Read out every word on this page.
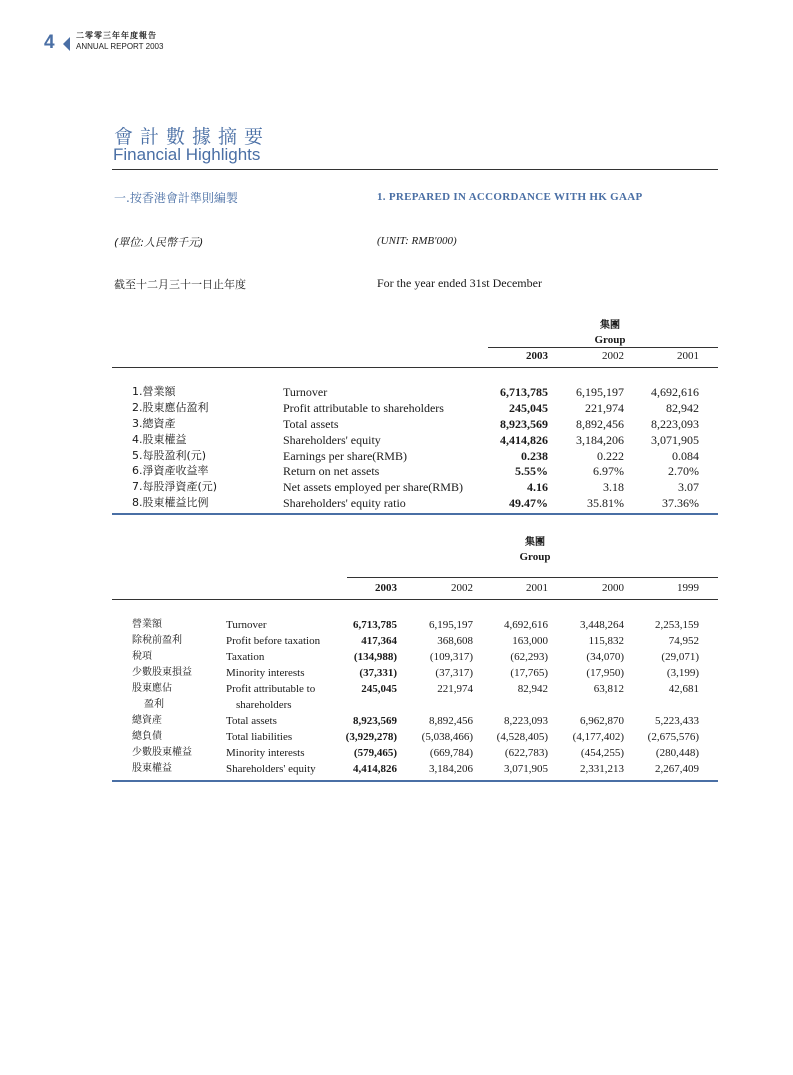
4	二零零三年年度報告
ANNUAL REPORT 2003
會計數據摘要
Financial Highlights
一.按香港會計準則編製	1. PREPARED IN ACCORDANCE WITH HK GAAP
(單位:人民幣千元)	(UNIT: RMB'000)
截至十二月三十一日止年度	For the year ended 31st December
集團
Group
2003	2002	2001
1.營業額	Turnover	6,713,785	6,195,197	4,692,616
2.股東應佔盈利	Profit attributable to shareholders	245,045	221,974	82,942
3.總資產	Total assets	8,923,569	8,892,456	8,223,093
4.股東權益	Shareholders' equity	4,414,826	3,184,206	3,071,905
5.每股盈利(元)	Earnings per share(RMB)	0.238	0.222	0.084
6.淨資產收益率	Return on net assets	5.55%	6.97%	2.70%
7.每股淨資產(元)	Net assets employed per share(RMB)	4.16	3.18	3.07
8.股東權益比例	Shareholders' equity ratio	49.47%	35.81%	37.36%
集團
Group
2003	2002	2001	2000	1999
營業額	Turnover	6,713,785	6,195,197	4,692,616	3,448,264	2,253,159
除稅前盈利	Profit before taxation	417,364	368,608	163,000	115,832	74,952
稅項	Taxation	(134,988)	(109,317)	(62,293)	(34,070)	(29,071)
少數股東損益	Minority interests	(37,331)	(37,317)	(17,765)	(17,950)	(3,199)
股東應佔	Profit attributable to	245,045	221,974	82,942	63,812	42,681
盈利	shareholders
總資產	Total assets	8,923,569	8,892,456	8,223,093	6,962,870	5,223,433
總負債	Total liabilities	(3,929,278)	(5,038,466)	(4,528,405)	(4,177,402)	(2,675,576)
少數股東權益	Minority interests	(579,465)	(669,784)	(622,783)	(454,255)	(280,448)
股東權益	Shareholders' equity	4,414,826	3,184,206	3,071,905	2,331,213	2,267,409
